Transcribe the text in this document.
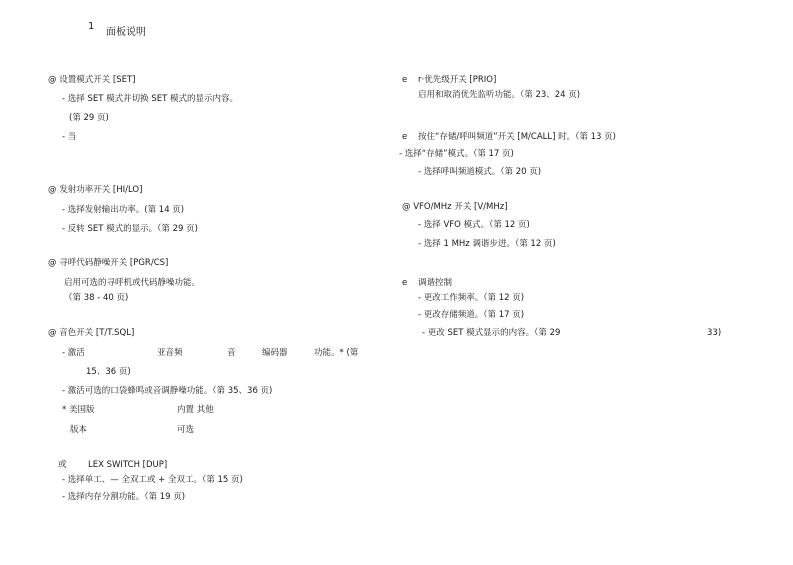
1
面板说明
@ 设置模式开关 [SET]
- 选择 SET 模式并切换 SET 模式的显示内容。
(第 29 页)
- 当
@ 发射功率开关 [HI/LO]
- 选择发射输出功率。(第 14 页)
- 反转 SET 模式的显示。（第 29 页)
@ 寻呼代码静噪开关 [PGR/CS]
启用可选的寻呼机或代码静噪功能。
（第 38 - 40 页)
@ 音色开关 [T/T.SQL]
- 激活	亚音频	音	编码器	功能。* (第
15、36 页)
- 激活可选的口袋蜂鸣或音调静噪功能。（第 35、36 页)
* 美国版	内置 其他
版本	可选
或	LEX SWITCH [DUP]
- 选择单工、— 全双工或 + 全双工。（第 15 页)
- 选择内存分割功能。（第 19 页)
e r·优先级开关 [PRIO]
启用和取消优先监听功能。（第 23、24 页)
e 按住“存储/呼叫频道”开关 [M/CALL] 时。（第 13 页)
- 选择“存储”模式。（第 17 页)
- 选择呼叫频道模式。（第 20 页)
@ VFO/MHz 开关 [V/MHz]
- 选择 VFO 模式。（第 12 页)
- 选择 1 MHz 调谐步进。（第 12 页)
e 调谐控制
- 更改工作频率。（第 12 页)
- 更改存储频道。（第 17 页)
- 更改 SET 模式显示的内容。（第 29	33)
